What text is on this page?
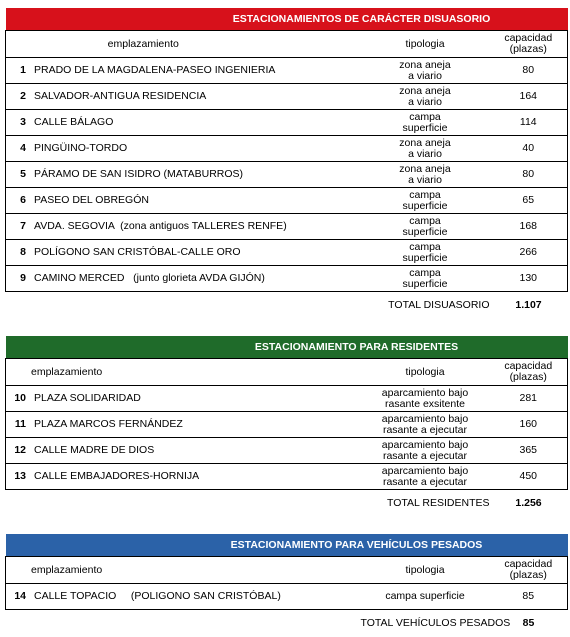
ESTACIONAMIENTOS DE CARÁCTER DISUASORIO		
emplazamiento	tipologia	capacidad
(plazas)
1 PRADO DE LA MAGDALENA-PASEO INGENIERIA	zona aneja
a viario	80
2 SALVADOR-ANTIGUA RESIDENCIA	zona aneja
a viario	164
3 CALLE BÁLAGO	campa
superficie	114
4 PINGÜINO-TORDO	zona aneja
a viario	40
5 PÁRAMO DE SAN ISIDRO (MATABURROS)	zona aneja
a viario	80
6 PASEO DEL OBREGÓN	campa
superficie	65
7 AVDA. SEGOVIA  (zona antiguos TALLERES RENFE)	campa
superficie	168
8 POLÍGONO SAN CRISTÓBAL-CALLE ORO	campa
superficie	266
9 CAMINO MERCED   (junto glorieta AVDA GIJÓN)	campa
superficie	130
	TOTAL DISUASORIO	1.107
ESTACIONAMIENTO PARA RESIDENTES		
emplazamiento	tipologia	capacidad
(plazas)
10 PLAZA SOLIDARIDAD	aparcamiento bajo
rasante exsitente	281
11 PLAZA MARCOS FERNÁNDEZ	aparcamiento bajo
rasante a ejecutar	160
12 CALLE MADRE DE DIOS	aparcamiento bajo
rasante a ejecutar	365
13 CALLE EMBAJADORES-HORNIJA	aparcamiento bajo
rasante a ejecutar	450
	TOTAL RESIDENTES	1.256
ESTACIONAMIENTO PARA VEHÍCULOS PESADOS		
emplazamiento	tipologia	capacidad
(plazas)
14 CALLE TOPACIO     (POLIGONO SAN CRISTÓBAL)	campa superficie	85
	TOTAL VEHÍCULOS PESADOS	85
